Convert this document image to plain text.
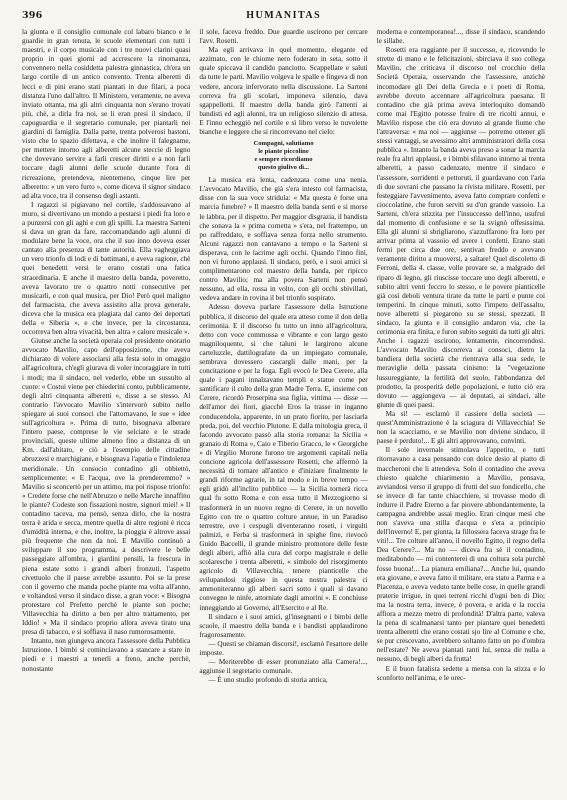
396	HUMANITAS

la giunta e il consiglio comunale col labaro bianco e le guardie in gran tenuta, le scuole elementari con tutti i maestri, e il corpo musicale con i tre nuovi clarini quasi proprio in quei giorni ad accrescere la rinomanza, convennero nella cosiddetta palestra ginnastica, ch'era un largo cortile di un antico convento. Trenta alberetti di lecci e di pini erano stati piantati in due filari, a poca distanza l'uno dall'altro. Il Ministero, veramente, ne aveva inviato ottanta, ma gli altri cinquanta non s'erano trovati più, chè, a dirla fra noi, se li eran presi il sindaco, il capoguardia e il segretario comunale, per piantarli nei giardini di famiglia. Dalla parte, trenta polverosi bastoni, visto che lo spazio difettava, e che inoltre il falegname, per mettere intorno agli alberetti alcune steccie di legno che dovevano servire a farli crescer diritti e a non farli toccare dagli alunni delle scuole durante l'ora di ricreazione, pretendeva, nientemeno, cinque lire per alberetto: « un vero furto », come diceva il signor sindaco ad alta voce, tra il consenso degli astanti.

I ragazzi si pigiavano nel cortile, s'addossavano al muro, si divertivano un mondo a pestarsi i piedi fra loro e a punzersi con gli aghi e con gli spilli. La maestra Sarteni si dava un gran da fare, raccomandando agli alunni di modulare bene la voce, ora che il suo inno doveva esser cantato alla presenza di tante autorità. Ella vagheggiava un vero trionfo di lodi e di battimani, e aveva ragione, chè quei benedetti versi le erano costati una fatica straordinaria. E anche il maestro della banda, poveretto, aveva lavorato tre o quattro notti consecutive per musicarli, e con qual musica, per Dio! Però quel maligno del farmacista, che aveva assistito alla prova generale, diceva che la musica era plagiata dal canto dei deportati della « Siberia », e che invece, per la circostanza, occorreva ben altra vivacità, ben altra « calore musicale ».

Giunse anche la società operaia col presidente onorario avvocato Mavilio, capo dell'opposizione, che aveva dichiarato di volere associarsi alla festa solo in omaggio all'agricoltura, ch'egli giurava di voler incoraggiare in tutti i modi; ma il sindaco, nel vederlo, ebbe un sussulto al cuore: « Costui viene per chiederini conto, pubblicamente, degli altri cinquanta alberetti », disse a se stesso. Al contrario l'avvocato Mavilio s'intervorò subito nello spiegare ai suoi consoci che l'attornavano, le sue « idee sull'agricoltura ». Prima di tutto, bisognava alberare l'intero paese, comprese le vie selciate e le strade provinciali, queste ultime almeno fino a distanza di un Km. dall'abitato, e ciò a l'esempio delle cittadine abruzzesi e marchigiane, e bisognava l'apatia e l'indolenza meridionale. Un consocio contadino gli obbiettò, semplicemente: « E l'acqua, ove la prenderemmo? » Mavilio si sconcertò per un attimo, ma poi rispose trionfo: « Credete forse che nell'Abruzzo e nelle Marche innaffino le piante? Codeste son fissazioni nostre, signori miei! » Il contadino taceva, ma pensò, senza dirlo, che la nostra terra è arida e secca, mentre quella di altre regioni è ricca d'umidità interna, e che, inoltre, la pioggia è altrove assai più frequente che non da noi. E Mavilio continuò a sviluppare il suo programma, a descrivere le belle passeggiate all'ombra, i giardini pensili, la frescura in piena estate sotto i grandi alberi fronzuti, l'aspetto civettuolo che il paese avrebbe assunto. Poi se la prese con il governo che manda poche piante ma volta all'anno, e voltandosi verso il sindaco disse, a gran voce: « Bisogna protestare col Prefetto perchè le piante son poche; Villavecchia ha diritto a ben per altro trattamento, per Iddio! » Ma il sindaco proprio allora aveva tirato una presa di tabacco, e si soffiava il naso rumorosamente.

Intanto, non giungeva ancora l'assessore della Pubblica Istruzione. I bimbi si cominciavano a stancare a stare in piedi e i maestri a tenerli a freno, anche perchè, nonostante

il sole, faceva freddo. Due guardie uscirono per cercare l'avv. Rosetti.

Ma egli arrivava in quel momento, elegante ed azzimato, con le chiome nero foderato in seta, sotto il quale spiccava il candido panciotto. Scappellate e saluti da tutte le parti. Mavilio volgeva le spalle e fingeva di non vedere, ancora infervorato nella discussione. La Sarteni correva fra gli scolari, imponeva silenzio, dava sgappellotti. Il maestro della banda girò l'attenti ai bandisti ed agli alunni, tra un religioso silenzio di attesa. E l'inno echeggiò nel cortile e sì libro verso le nuvolette bianche e leggere che si rincorrevano nel cielo:

Compagni, salutiamo
le piante piccoline
e sempre ricordiamo
questo giulivo dì...

La musica era lenta, cadenzata come una nenia. L'avvocato Mavilio, che già s'era intesto col farmacista, disse con la sua voce stridula: « Ma questa è forse una marcia funebre? » Il maestro della banda sentì e si morse le labbra, per il dispetto. Per maggior disgrazia, il bandista che sonava la « prima cornetta » s'era, nel frattempo, un po raffreddato, e soffiava senza forza nello strumento. Alcuni ragazzi non cantavano a tempo e la Sarteni si disperava, con le lacrime agli occhi. Quando l'inno finì, non vi furono applausi. Il sindaco, però, e i suoi amici si complimentarono col maestro della banda, per ripicco contro Mavilio; ma alla povera Sarteni non pensò nessuno, ad ella, rossa in volto, con gli occhi sbivillati, vedeva andare in rovina il bel trionfo sospirato.

Adesso doveva parlare l'assessore della Istruzione pubblica, il discorso del quale era atteso come il don della cerimonia. E il discorso fu tutto un inno all'agricoltura, detto con voce commossa e vibrante e con largo gesto magniloquente, si che taluni le largirono alcune carteluzzle, dattilografate da un impiegato comunale, sembrava dovessero cascargli dalle mani, per la concitazione e per la foga. Egli evocò le Dea Cerere, alla quale i pagani innalzavano templi e statue come per santificare il culto della gran Madre Terra. E, insieme con Cerere, ricordò Proserpina sua figlia, vittima — disse — dell'amor dei fiori, giacchè Eros la trasse in inganno conducendola, apparente, in un prato fiorito, per lasciarla preda, poi, del vecchio Plutone. E dalla mitologia greca, il facondo avvocato passò alla storia romana: la Sicilia « granaio di Roma », Caio e Tiberio Gracco, le « Georgiche » di Virgilio Morone furono tre argomenti capitali nella concione agricola dell'assessore Rosetti, che affermò la necessità di tornare all'antico e d'iniziare finalmente le grandi riforme agrarie, in tal modo e in breve tempo — egli gridò all'inclito pubblico — la Sicilia tornerà ricca qual fu sotto Roma e con essa tutto il Mezzogiorno si trasformerà in un nuovo regno di Cerere, in un novello Egitto con tre o quattro colture annue, in un Paradiso terrestre, ove i cespugli diventeranno roseti, i virgulti palmizi, e Ferba si trasformerà in spighe fine, rievocò Guido Baccelli, il grande ministro promotore delle feste degli alberi, affiò alla cura del corpo magistrale e delle scolaresche i trenta alberetti, « simbolo del risorgimento agricolo di Villavecchia, tenere pianticelle che svilupandosi riggiose in questa nostra palestra ci ammoniteranno gli alberi sacri sotto i quali si davano convegno le ninfe, attorniate dagli amorini ». E conchiuse inneggiando al Governo, all'Esercito e al Re.

Il sindaco e i suoi amici, gl'insegnanti e i bimbi delle scuole, il maestro della banda e i bandisti applaudirono fragorosamente.

— Questi se chiaman discorsi!, esclamò l'esattore delle imposte.

— Meriterebbe di esser pronunziato alla Camera!..., aggiunse il segretario comunale.

— È uno studio profondo di storia antica,

moderna e contemporanea!..., disse il sindaco, scandendo le sillabe.

Rosetti era raggiante per il successo, e, ricevendo le strette di mano e le felicitazioni, sbirciava il suo collega Mavilio, che criticava il discorso nel crocchio della Società Operaia, osservando che l'assessore, anzichè incomodare gli Dei della Grecia e i poeti di Roma, avrebbe dovuto accennare all'agricoltura paesana. Il contadino che già prima aveva interloquito domandò come mai l'Egitto potesse fruire di tre ricolti annui, e Mavilio rispose che ciò era dovuto al grande fiume che l'attraversa: « ma noi — aggiunse — potremo ottener gli stessi vantaggi, se avessimo altri amministratori della cosa pubblica ». Intanto la banda aveva preso a sonar la marcia reale fra altri applausi, e i bimbi sfilavano intorno ai trenta alberetti, a passo cadenzato, mentre il sindaco e l'assessore, sorridenti e pettoruti, il guardavano con l'aria di due sovrani che passano la rivista militare. Rosetti, per festeggiare l'avvenimento, aveva fatto comprare confetti e cioccolatine, che furon serviti su d'un grande vassoio. La Sarteni, ch'era stizzita per l'insuccesso dell'inno, usufruì dal momento di confusione e se la svignò offesissima. Ella gli alunni si sbrigliarono, s'azzuffarono fra loro per arrivar prima al vassoio ed avere i confetti. Erano stati fermi per circa due ore, sentivan freddo e avevano veramente diritto a muoversi, a saltare! Quel discoletto di Ferroni, della 4. classe, volle provare se, a malgrado del riparo di legno, gli riuscisse toccare uno degli alberetti, e subito altri venti feccro lo stesso, e le povere pianticelle già così deboli ventura tirate da tutte le parti e punte coi temperini. In cinque minuti, sotto l'impeto dell'assalto, nove alberetti si piegarono su se stessi, spezzati. Il sindaco, la giunta e il consiglio andaron via, che la cerimonia era finita, e furon subito seguiti da tutti gli altri. Anche i ragazzi uscirono, lentamente, rincorrendosi. L'avvocato Mavilio discorreva ai consoci, dietro la bandiera della società che rientrava alla sua sede, le meraviglie della passata cinismo: la "vegetazione lussureggiante, la fertilità del suolo, l'abbondanza del prodotto, la prosperità delle popolazioni, e tutto ciò era dovuto — aggiungeva — ai deputati, ai sindaci, alle giunte di quei paesi.

Ma sì! — esclamò il cassiere della società — quest'Amministrazione è la sciagura di Villavecchia! Se non la scacciamo, e se Mavilio non diviene sindaco, il paese è perduto!... E gli altri approvavano, convinti.

Il sole invernale stimolava l'appetito, e tutti ritornavano a casa pensando con dolce desio al piatto di maccheroni che li attendeva. Solo il contadino che aveva chiesto qualche chiarimento a Mavilio, pensava, avviandosi verso il gruppo di frutti del suo fondicello, che se invece di far tante chiacchiere, si trovasse modo di indurre il Padre Eterno a far piovere abbondantemente, la campagna andrebbe assai meglio. Eran cinque mesi che non s'aveva una stilla d'acqua e s'era a principio dell'inverno! E, per giunta, la fillossera faceva strage fra le viti!... Tre colture all'anno, il novello Egitto, il regno della Dea Cerere?... Ma no — diceva fra sè il contadino, meditabondo — mi contenterei di una coltura sola purchè fosse buona!... La pianura emiliana?... Anche lui, quando era giovane, e aveva fatto il militare, era stato a Parma e a Piacenza, e aveva veduto tante belle cose, in quelle grandi praterie irrigue, in quei terreni ricchi d'ogni ben di Dio; ma la nostra terra, invece, è povera, e arida e la roccia affiora a mezzo metro di profondità! D'altra parte, valeva la pena di scalmanarsi tanto per piantare quei benedetti trenta alberetti che erano costati sjo lire al Comune e che, se pur crescevano, avrebbero soltanto fatto un po d'ombra nell'estate? Ne aveva piantati tanti lui, senza dir nulla a nessuno, di begli alberi da frutta!

E il buon fatalista sedette a mensa con la stizza e lo sconforto nell'anima, e le orec-
